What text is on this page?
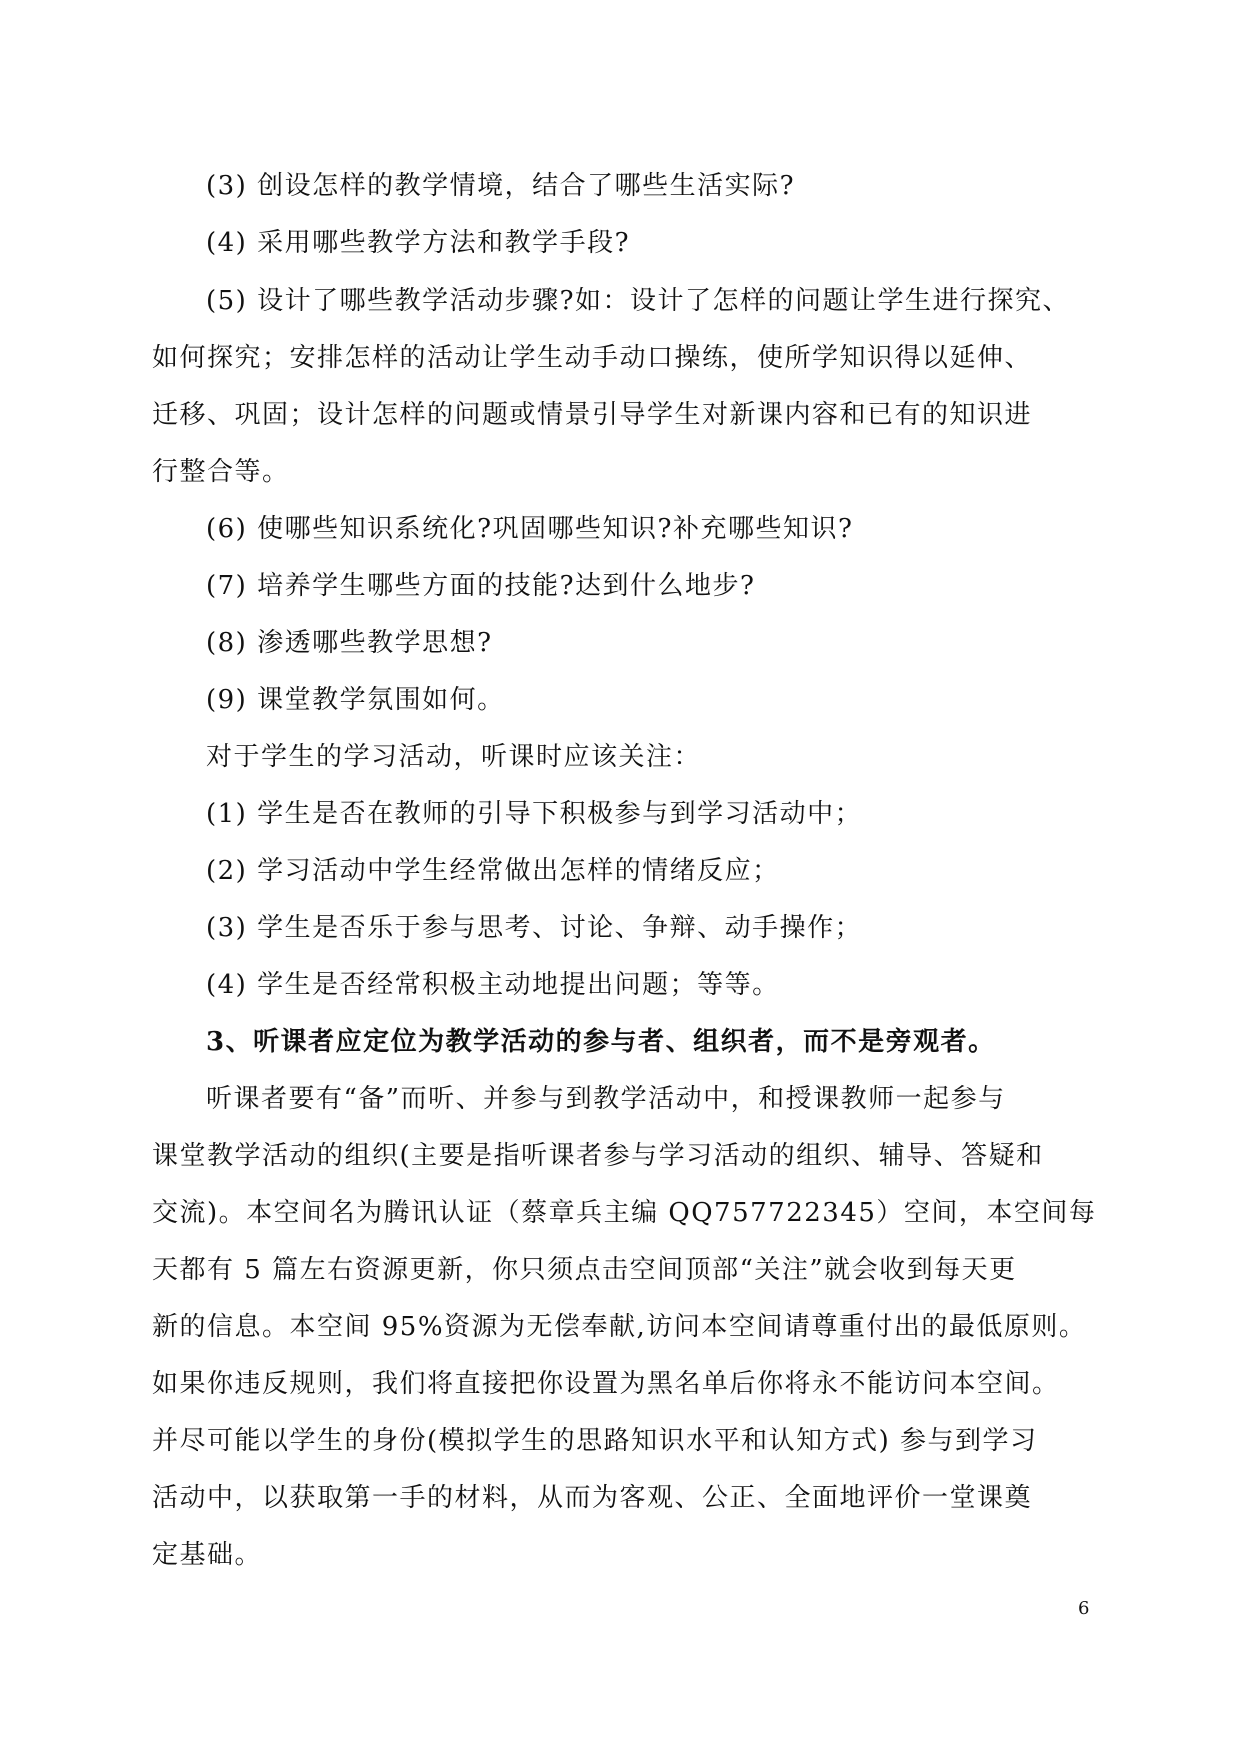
(3) 创设怎样的教学情境，结合了哪些生活实际?
(4) 采用哪些教学方法和教学手段?
(5) 设计了哪些教学活动步骤?如：设计了怎样的问题让学生进行探究、
如何探究；安排怎样的活动让学生动手动口操练，使所学知识得以延伸、
迁移、巩固；设计怎样的问题或情景引导学生对新课内容和已有的知识进
行整合等。
(6) 使哪些知识系统化?巩固哪些知识?补充哪些知识?
(7) 培养学生哪些方面的技能?达到什么地步?
(8) 渗透哪些教学思想?
(9) 课堂教学氛围如何。
对于学生的学习活动，听课时应该关注：
(1) 学生是否在教师的引导下积极参与到学习活动中；
(2) 学习活动中学生经常做出怎样的情绪反应；
(3) 学生是否乐于参与思考、讨论、争辩、动手操作；
(4) 学生是否经常积极主动地提出问题；等等。
3、听课者应定位为教学活动的参与者、组织者，而不是旁观者。
听课者要有“备”而听、并参与到教学活动中，和授课教师一起参与
课堂教学活动的组织(主要是指听课者参与学习活动的组织、辅导、答疑和
交流)。本空间名为腾讯认证（蔡章兵主编 QQ757722345）空间，本空间每
天都有 5 篇左右资源更新，你只须点击空间顶部“关注”就会收到每天更
新的信息。本空间 95%资源为无偿奉献,访问本空间请尊重付出的最低原则。
如果你违反规则，我们将直接把你设置为黑名单后你将永不能访问本空间。
并尽可能以学生的身份(模拟学生的思路知识水平和认知方式) 参与到学习
活动中，以获取第一手的材料，从而为客观、公正、全面地评价一堂课奠
定基础。
6
